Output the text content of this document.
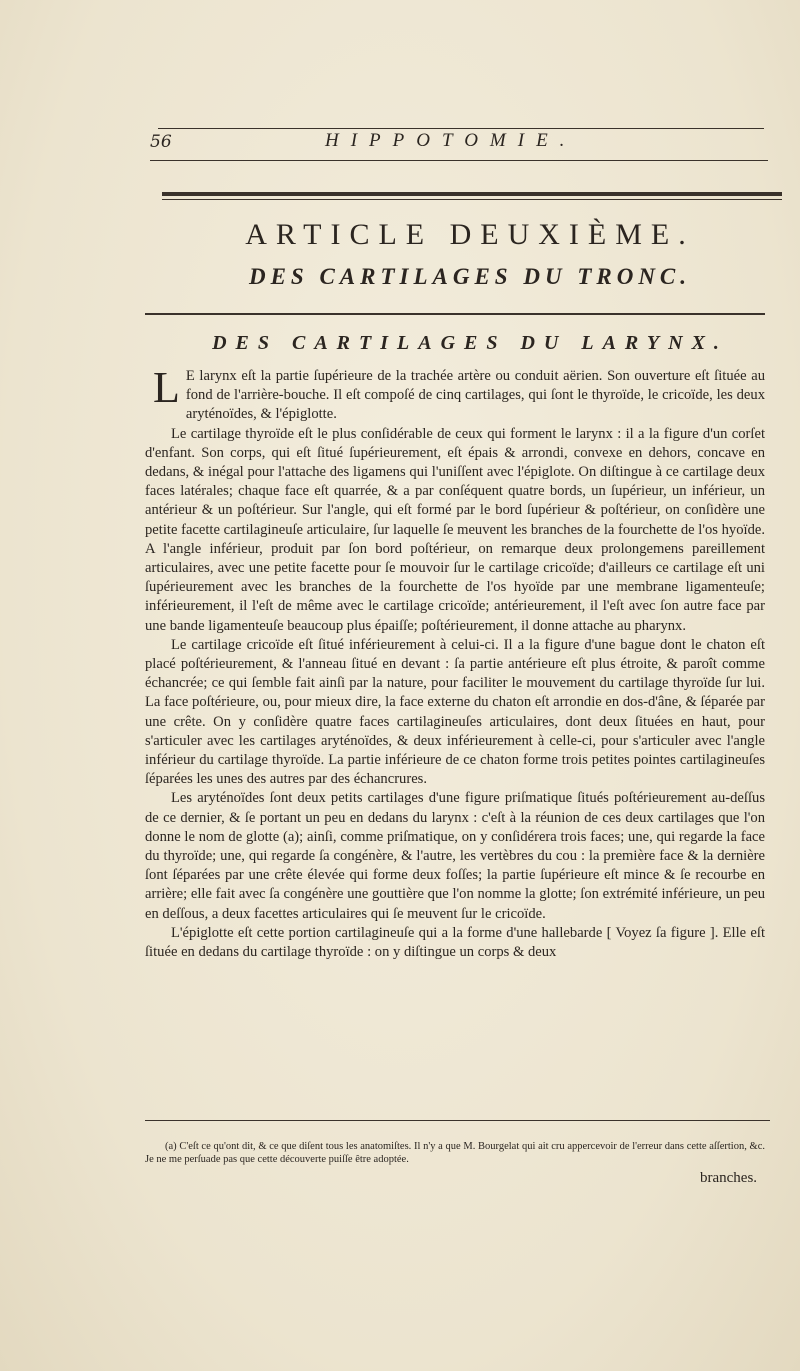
56	HIPPOTOMIE.
ARTICLE DEUXIÈME.
DES CARTILAGES DU TRONC.
DES CARTILAGES DU LARYNX.

L E larynx eſt la partie ſupérieure de la trachée artère ou conduit aërien. Son ouverture eſt ſituée au fond de l'arrière-bouche. Il eſt compoſé de cinq cartilages, qui ſont le thyroïde, le cricoïde, les deux aryténoïdes, & l'épiglotte.

Le cartilage thyroïde eſt le plus conſidérable de ceux qui forment le larynx : il a la figure d'un corſet d'enfant. Son corps, qui eſt ſitué ſupérieurement, eſt épais & arrondi, convexe en dehors, concave en dedans, & inégal pour l'attache des ligamens qui l'uniſſent avec l'épiglote. On diſtingue à ce cartilage deux faces latérales; chaque face eſt quarrée, & a par conſéquent quatre bords, un ſupérieur, un inférieur, un antérieur & un poſtérieur. Sur l'angle, qui eſt formé par le bord ſupérieur & poſtérieur, on conſidère une petite facette cartilagineuſe articulaire, ſur laquelle ſe meuvent les branches de la fourchette de l'os hyoïde. A l'angle inférieur, produit par ſon bord poſtérieur, on remarque deux prolongemens pareillement articulaires, avec une petite facette pour ſe mouvoir ſur le cartilage cricoïde; d'ailleurs ce cartilage eſt uni ſupérieurement avec les branches de la fourchette de l'os hyoïde par une membrane ligamenteuſe; inférieurement, il l'eſt de même avec le cartilage cricoïde; antérieurement, il l'eſt avec ſon autre face par une bande ligamenteuſe beaucoup plus épaiſſe; poſtérieurement, il donne attache au pharynx.

Le cartilage cricoïde eſt ſitué inférieurement à celui-ci. Il a la figure d'une bague dont le chaton eſt placé poſtérieurement, & l'anneau ſitué en devant : ſa partie antérieure eſt plus étroite, & paroît comme échancrée; ce qui ſemble fait ainſi par la nature, pour faciliter le mouvement du cartilage thyroïde ſur lui. La face poſtérieure, ou, pour mieux dire, la face externe du chaton eſt arrondie en dos-d'âne, & ſéparée par une crête. On y conſidère quatre faces cartilagineuſes articulaires, dont deux ſituées en haut, pour s'articuler avec les cartilages aryténoïdes, & deux inférieurement à celle-ci, pour s'articuler avec l'angle inférieur du cartilage thyroïde. La partie inférieure de ce chaton forme trois petites pointes cartilagineuſes ſéparées les unes des autres par des échancrures.

Les aryténoïdes ſont deux petits cartilages d'une figure priſmatique ſitués poſtérieurement au-deſſus de ce dernier, & ſe portant un peu en dedans du larynx : c'eſt à la réunion de ces deux cartilages que l'on donne le nom de glotte (a); ainſi, comme priſmatique, on y conſidérera trois faces; une, qui regarde la face du thyroïde; une, qui regarde ſa congénère, & l'autre, les vertèbres du cou : la première face & la dernière ſont ſéparées par une crête élevée qui forme deux foſſes; la partie ſupérieure eſt mince & ſe recourbe en arrière; elle fait avec ſa congénère une gouttière que l'on nomme la glotte; ſon extrémité inférieure, un peu en deſſous, a deux facettes articulaires qui ſe meuvent ſur le cricoïde.

L'épiglotte eſt cette portion cartilagineuſe qui a la forme d'une hallebarde [ Voyez ſa figure ]. Elle eſt ſituée en dedans du cartilage thyroïde : on y diſtingue un corps & deux

(a) C'eſt ce qu'ont dit, & ce que diſent tous les anatomiſtes. Il n'y a que M. Bourgelat qui ait cru appercevoir de l'erreur dans cette aſſertion, &c. Je ne me perſuade pas que cette découverte puiſſe être adoptée.
branches.
